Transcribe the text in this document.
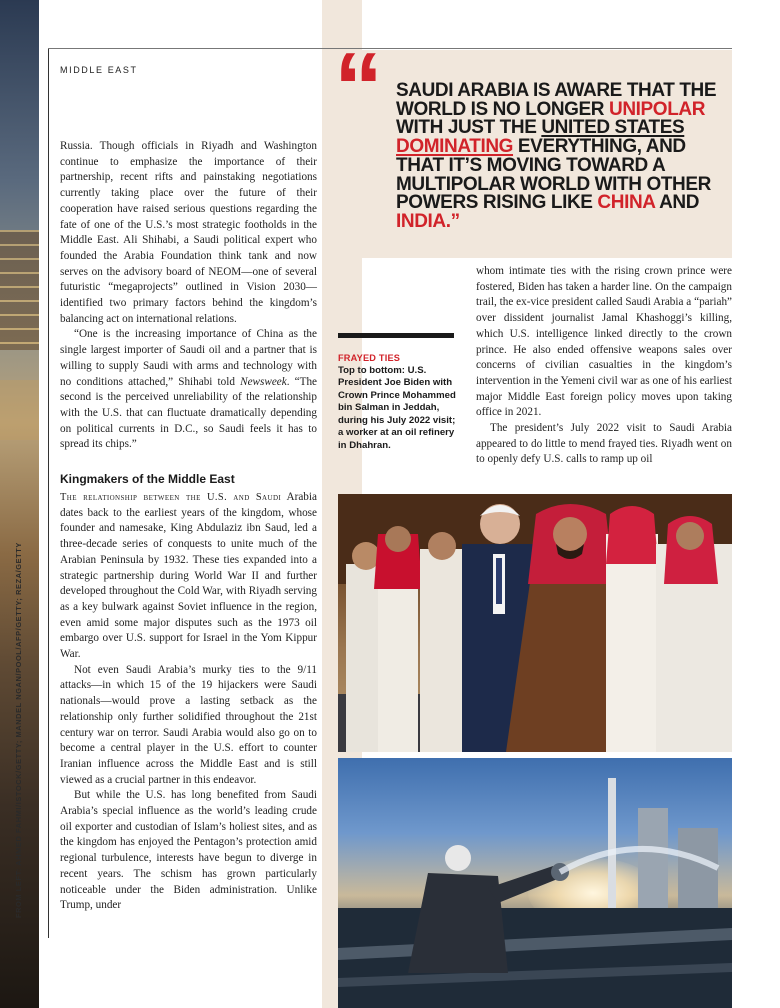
FROM LEFT: AHMED FAHMI/ISTOCK/GETTY; MANDEL NGAN/POOL/AFP/GETTY; REZA/GETTY
MIDDLE EAST “ SAUDI ARABIA IS AWARE THAT THE WORLD IS NO LONGER UNIPOLAR WITH JUST THE UNITED STATES DOMINATING EVERYTHING, AND THAT IT’S MOVING TOWARD A MULTIPOLAR WORLD WITH OTHER POWERS RISING LIKE CHINA AND INDIA.”

Russia. Though officials in Riyadh and Washington continue to emphasize the importance of their partnership, recent rifts and painstaking negotiations currently taking place over the future of their cooperation have raised serious questions regarding the fate of one of the U.S.’s most strategic footholds in the Middle East. Ali Shihabi, a Saudi political expert who founded the Arabia Foundation think tank and now serves on the advisory board of NEOM—one of several futuristic “megaprojects” outlined in Vision 2030—identified two primary factors behind the kingdom’s balancing act on international relations.

“One is the increasing importance of China as the single largest importer of Saudi oil and a partner that is willing to supply Saudi with arms and technology with no conditions attached,” Shihabi told Newsweek. “The second is the perceived unreliability of the relationship with the U.S. that can fluctuate dramatically depending on political currents in D.C., so Saudi feels it has to spread its chips.”

Kingmakers of the Middle East

The relationship between the U.S. and Saudi Arabia dates back to the earliest years of the kingdom, whose founder and namesake, King Abdulaziz ibn Saud, led a three-decade series of conquests to unite much of the Arabian Peninsula by 1932. These ties expanded into a strategic partnership during World War II and further developed throughout the Cold War, with Riyadh serving as a key bulwark against Soviet influence in the region, even amid some major disputes such as the 1973 oil embargo over U.S. support for Israel in the Yom Kippur War.

Not even Saudi Arabia’s murky ties to the 9/11 attacks—in which 15 of the 19 hijackers were Saudi nationals—would prove a lasting setback as the relationship only further solidified throughout the 21st century war on terror. Saudi Arabia would also go on to become a central player in the U.S. effort to counter Iranian influence across the Middle East and is still viewed as a crucial partner in this endeavor.

But while the U.S. has long benefited from Saudi Arabia’s special influence as the world’s leading crude oil exporter and custodian of Islam’s holiest sites, and as the kingdom has enjoyed the Pentagon’s protection amid regional turbulence, interests have begun to diverge in recent years. The schism has grown particularly noticeable under the Biden administration. Unlike Trump, under

whom intimate ties with the rising crown prince were fostered, Biden has taken a harder line. On the campaign trail, the ex-vice president called Saudi Arabia a “pariah” over dissident journalist Jamal Khashoggi’s killing, which U.S. intelligence linked directly to the crown prince. He also ended offensive weapons sales over concerns of civilian casualties in the kingdom’s intervention in the Yemeni civil war as one of his earliest major Middle East foreign policy moves upon taking office in 2021.

The president’s July 2022 visit to Saudi Arabia appeared to do little to mend frayed ties. Riyadh went on to openly defy U.S. calls to ramp up oil

FRAYED TIES
Top to bottom: U.S. President Joe Biden with Crown Prince Mohammed bin Salman in Jeddah, during his July 2022 visit; a worker at an oil refinery in Dhahran.
